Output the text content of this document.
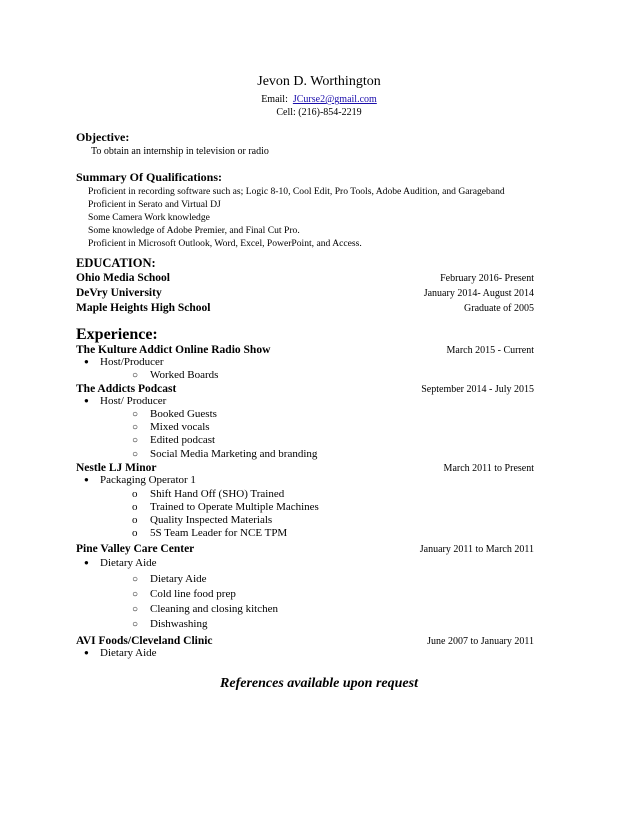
Jevon D. Worthington
Email: JCurse2@gmail.com
Cell: (216)-854-2219
Objective:
To obtain an internship in television or radio
Summary Of Qualifications:
Proficient in recording software such as; Logic 8-10, Cool Edit, Pro Tools, Adobe Audition, and Garageband
Proficient in Serato and Virtual DJ
Some Camera Work knowledge
Some knowledge of Adobe Premier, and Final Cut Pro.
Proficient in Microsoft Outlook, Word, Excel, PowerPoint, and Access.
EDUCATION:
Ohio Media School	February 2016- Present
DeVry University	January 2014- August 2014
Maple Heights High School	Graduate of 2005
Experience:
The Kulture Addict Online Radio Show	March 2015 - Current
● Host/Producer
○ Worked Boards
The Addicts Podcast	September 2014 - July 2015
● Host/ Producer
○ Booked Guests
○ Mixed vocals
○ Edited podcast
○ Social Media Marketing and branding
Nestle LJ Minor	March 2011 to Present
● Packaging Operator 1
o Shift Hand Off (SHO) Trained
o Trained to Operate Multiple Machines
o Quality Inspected Materials
o 5S Team Leader for NCE TPM
Pine Valley Care Center	January 2011 to March 2011
● Dietary Aide
○ Dietary Aide
○ Cold line food prep
○ Cleaning and closing kitchen
○ Dishwashing
AVI Foods/Cleveland Clinic	June 2007 to January 2011
● Dietary Aide
References available upon request
